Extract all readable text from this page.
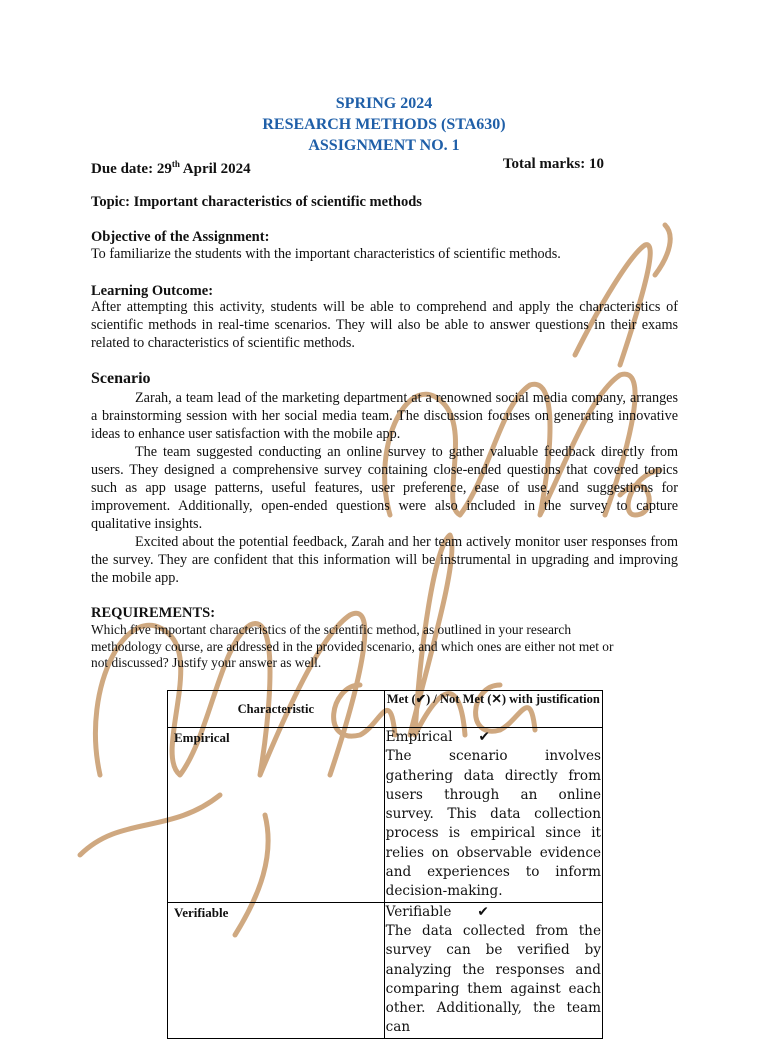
SPRING 2024
RESEARCH METHODS (STA630)
ASSIGNMENT NO. 1
Due date: 29th April 2024	Total marks: 10
Topic: Important characteristics of scientific methods
Objective of the Assignment:
To familiarize the students with the important characteristics of scientific methods.
Learning Outcome:
After attempting this activity, students will be able to comprehend and apply the characteristics of scientific methods in real-time scenarios. They will also be able to answer questions in their exams related to characteristics of scientific methods.
Scenario
Zarah, a team lead of the marketing department at a renowned social media company, arranges a brainstorming session with her social media team. The discussion focuses on generating innovative ideas to enhance user satisfaction with the mobile app.
The team suggested conducting an online survey to gather valuable feedback directly from users. They designed a comprehensive survey containing close-ended questions that covered topics such as app usage patterns, useful features, user preference, ease of use, and suggestions for improvement. Additionally, open-ended questions were also included in the survey to capture qualitative insights.
Excited about the potential feedback, Zarah and her team actively monitor user responses from the survey. They are confident that this information will be instrumental in upgrading and improving the mobile app.
REQUIREMENTS:
Which five important characteristics of the scientific method, as outlined in your research methodology course, are addressed in the provided scenario, and which ones are either not met or not discussed? Justify your answer as well.
Characteristic	Met (✔) / Not Met (✕) with justification
Empirical	Empirical ✔
The scenario involves gathering data directly from users through an online survey. This data collection process is empirical since it relies on observable evidence and experiences to inform decision-making.

Verifiable	Verifiable ✔
The data collected from the survey can be verified by analyzing the responses and comparing them against each other. Additionally, the team can
